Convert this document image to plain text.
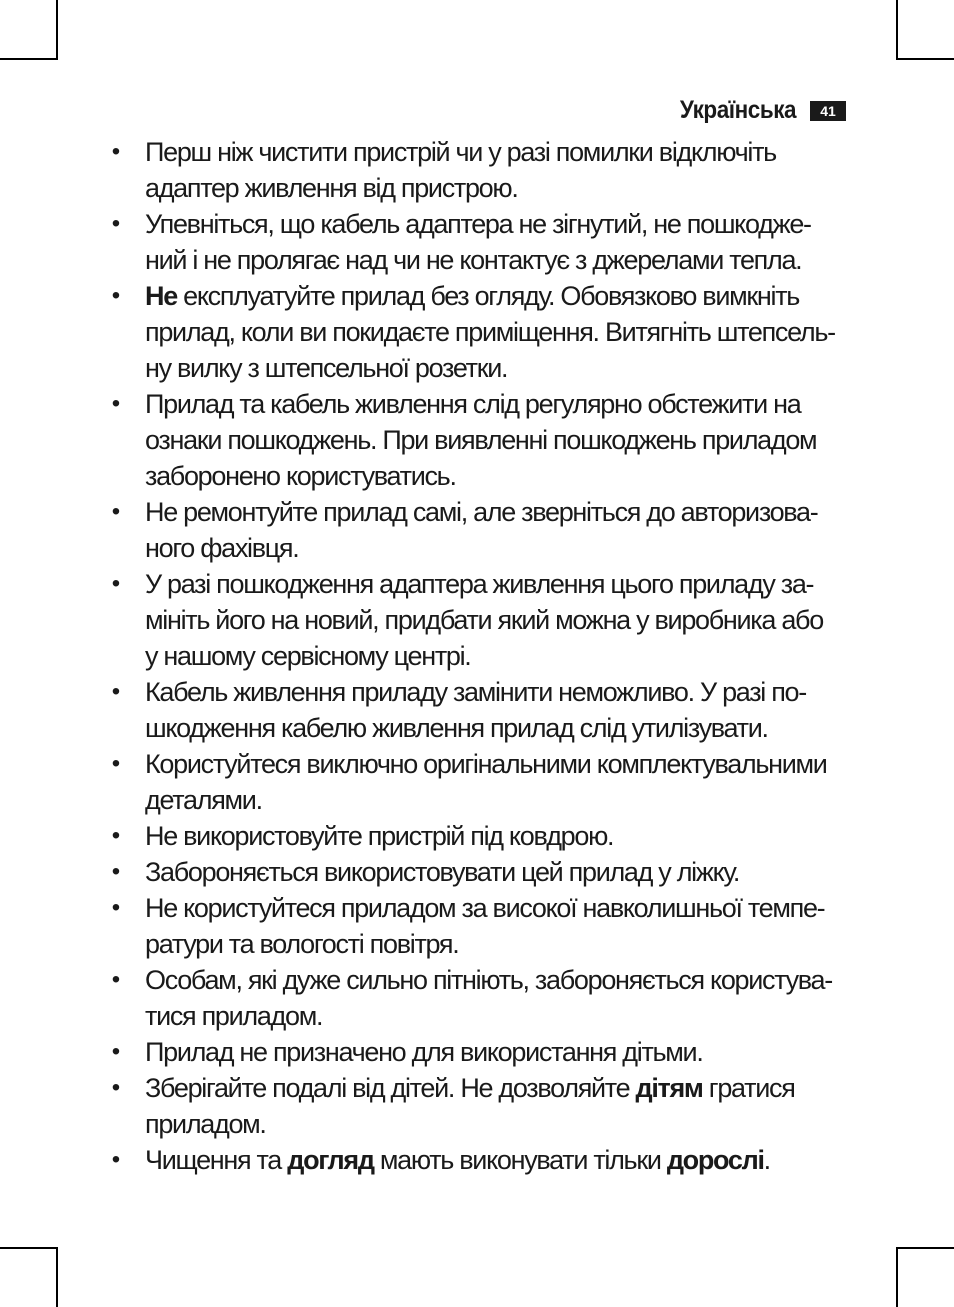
Українська	41
• Перш ніж чистити пристрій чи у разі помилки відключіть
адаптер живлення від пристрою.
• Упевніться, що кабель адаптера не зігнутий, не пошкодже-
ний і не пролягає над чи не контактує з джерелами тепла.
• Не експлуатуйте прилад без огляду. Обовязково вимкніть
прилад, коли ви покидаєте приміщення. Витягніть штепсель-
ну вилку з штепсельної розетки.
• Прилад та кабель живлення слід регулярно обстежити на
ознаки пошкоджень. При виявленні пошкоджень приладом
заборонено користуватись.
• Не ремонтуйте прилад самі, але зверніться до авторизова-
ного фахівця.
• У разі пошкодження адаптера живлення цього приладу за-
мініть його на новий, придбати який можна у виробника або
у нашому сервісному центрі.
• Кабель живлення приладу замінити неможливо. У разі по-
шкодження кабелю живлення прилад слід утилізувати.
• Користуйтеся виключно оригінальними комплектувальними
деталями.
• Не використовуйте пристрій під ковдрою.
• Забороняється використовувати цей прилад у ліжку.
• Не користуйтеся приладом за високої навколишньої темпе-
ратури та вологості повітря.
• Особам, які дуже сильно пітніють, забороняється користува-
тися приладом.
• Прилад не призначено для використання дітьми.
• Зберігайте подалі від дітей. Не дозволяйте дітям гратися
приладом.
• Чищення та догляд мають виконувати тільки дорослі.
